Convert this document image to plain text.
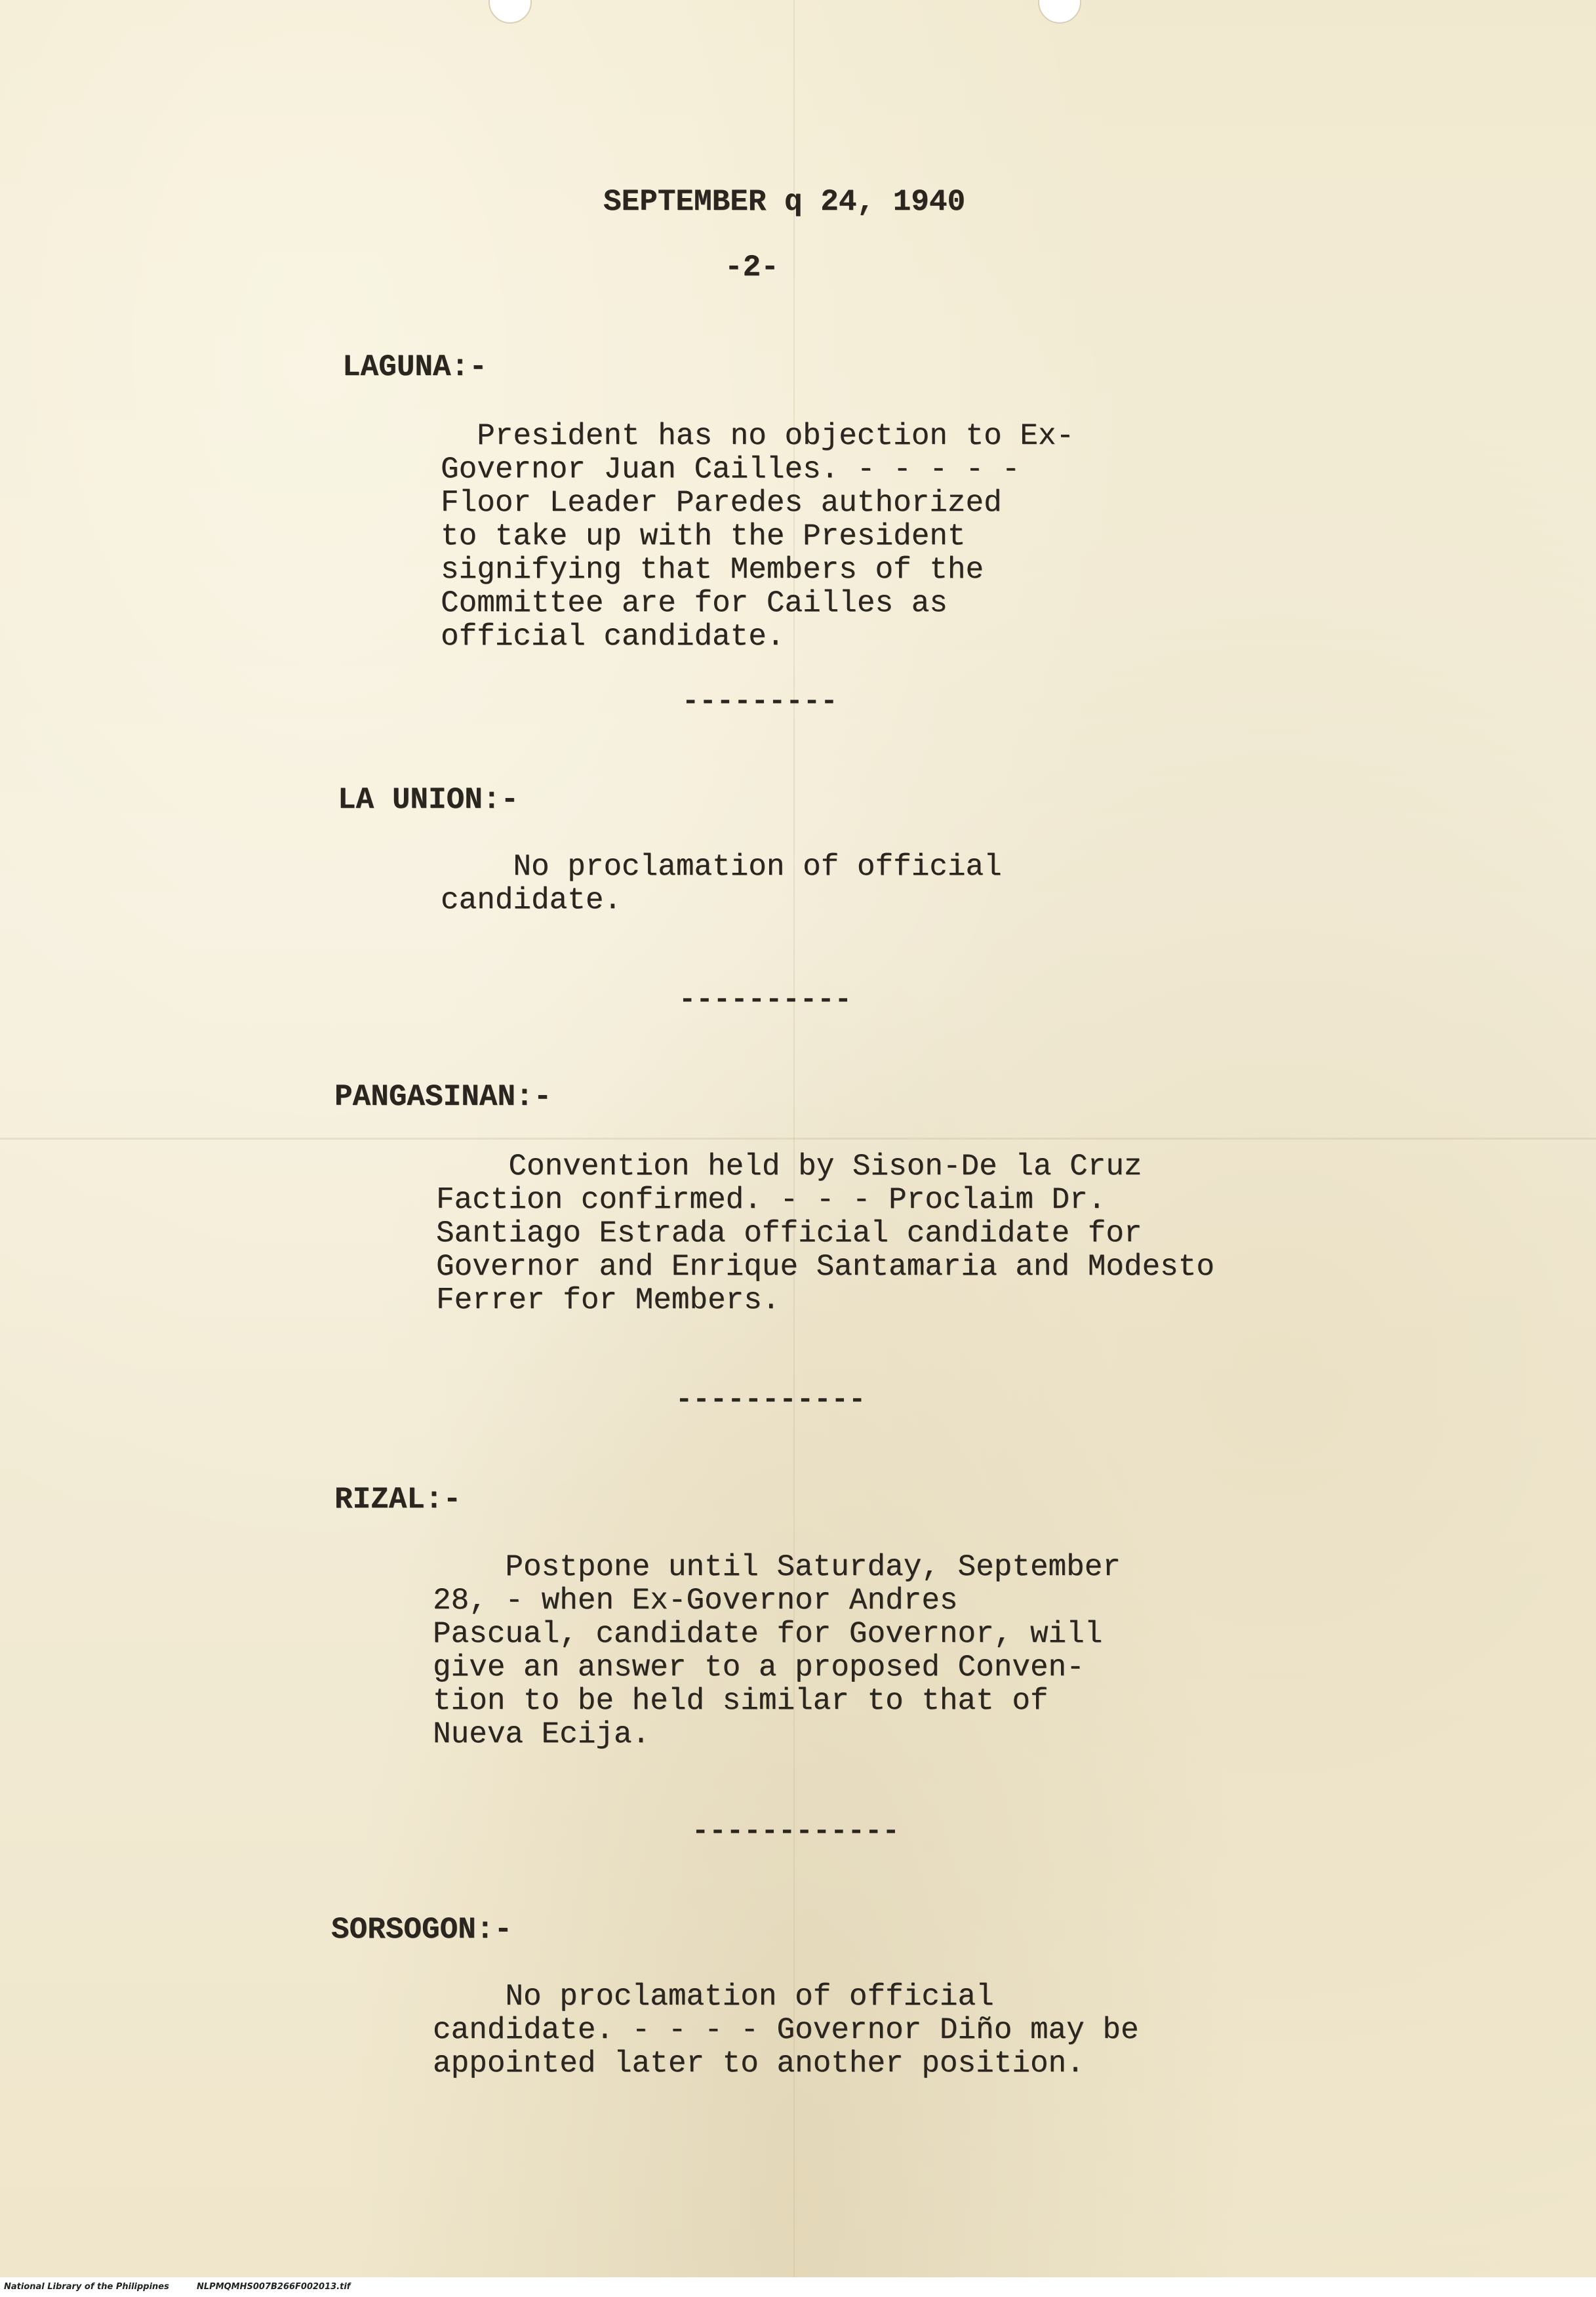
SEPTEMBER q 24, 1940
-2-
LAGUNA:-
President has no objection to Ex-
Governor Juan Cailles. - - - - -
Floor Leader Paredes authorized
to take up with the President
signifying that Members of the
Committee are for Cailles as
official candidate.
---------
LA UNION:-
No proclamation of official
candidate.
----------
PANGASINAN:-
Convention held by Sison-De la Cruz
Faction confirmed. - - - Proclaim Dr.
Santiago Estrada official candidate for
Governor and Enrique Santamaria and Modesto
Ferrer for Members.
-----------
RIZAL:-
Postpone until Saturday, September
28, - when Ex-Governor Andres
Pascual, candidate for Governor, will
give an answer to a proposed Conven-
tion to be held similar to that of
Nueva Ecija.
------------
SORSOGON:-
No proclamation of official
candidate. - - - - Governor Diño may be
appointed later to another position.
National Library of the Philippines	NLPMQMHS007B266F002013.tif
